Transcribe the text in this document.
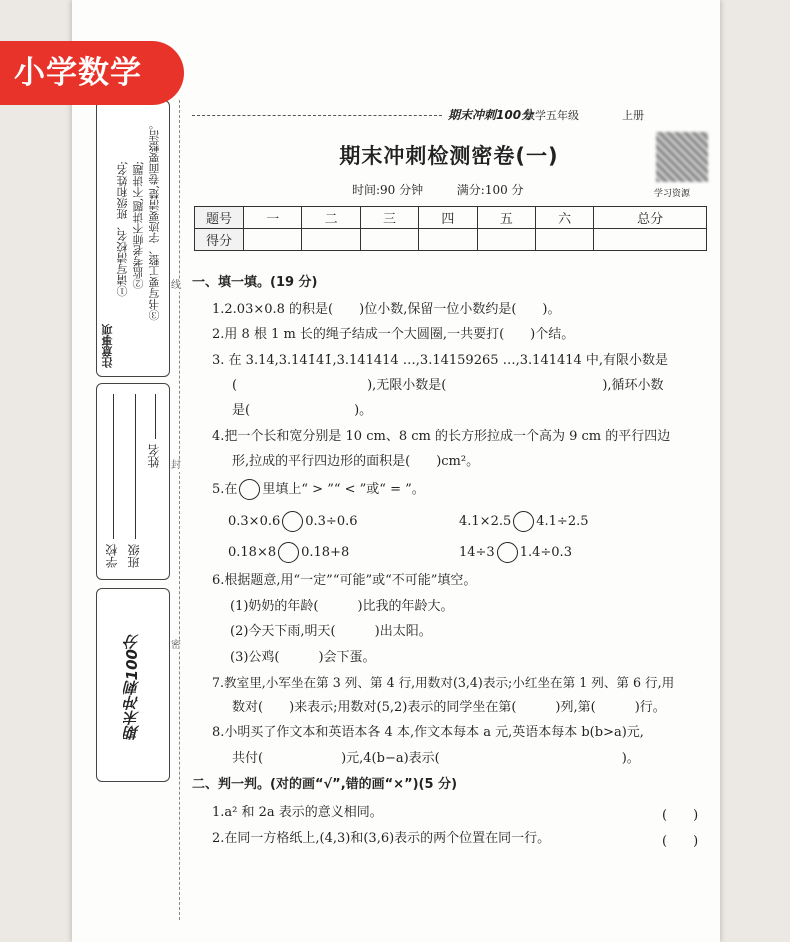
小学数学
注意事项
①请写清校名、班级和姓名; ②监考老师不讲题,不讲题; ③书写要工整、字迹要清楚,卷面要整洁。
学校 班级
姓名
期末冲刺100分
线
封
密
期末冲刺100分
数学五年级	上册
期末冲刺检测密卷(一)
学习资源
时间:90 分钟	满分:100 分
题号	一	二	三	四	五	六	总分
得分							
一、填一填。(19 分)
1.2.03×0.8 的积是(　　)位小数,保留一位小数约是(　　)。
2.用 8 根 1 m 长的绳子结成一个大圆圈,一共要打(　　)个结。
3. 在 3.14,3.141̇41̇,3.141414 …,3.14159265 …,3.141414 中,有限小数是
(　　　　　　　　　　),无限小数是(　　　　　　　　　　　　),循环小数
是(　　　　　　　　)。
4.把一个长和宽分别是 10 cm、8 cm 的长方形拉成一个高为 9 cm 的平行四边
形,拉成的平行四边形的面积是(　　)cm²。
5.在 里填上“ > ”“ < ”或“ = ”。
0.3×0.6 0.3÷0.6	4.1×2.5 4.1÷2.5
0.18×8 0.18+8	14÷3 1.4÷0.3
6.根据题意,用“一定”“可能”或“不可能”填空。
(1)奶奶的年龄(　　　)比我的年龄大。
(2)今天下雨,明天(　　　)出太阳。
(3)公鸡(　　　)会下蛋。
7.教室里,小军坐在第 3 列、第 4 行,用数对(3,4)表示;小红坐在第 1 列、第 6 行,用
数对(　　)来表示;用数对(5,2)表示的同学坐在第(　　　)列,第(　　　)行。
8.小明买了作文本和英语本各 4 本,作文本每本 a 元,英语本每本 b(b>a)元,
共付(　　　　　　)元,4(b−a)表示(　　　　　　　　　　　　　　)。
二、判一判。(对的画“√”,错的画“×”)(5 分)
1.a² 和 2a 表示的意义相同。
2.在同一方格纸上,(4,3)和(3,6)表示的两个位置在同一行。
(　　)
(　　)
